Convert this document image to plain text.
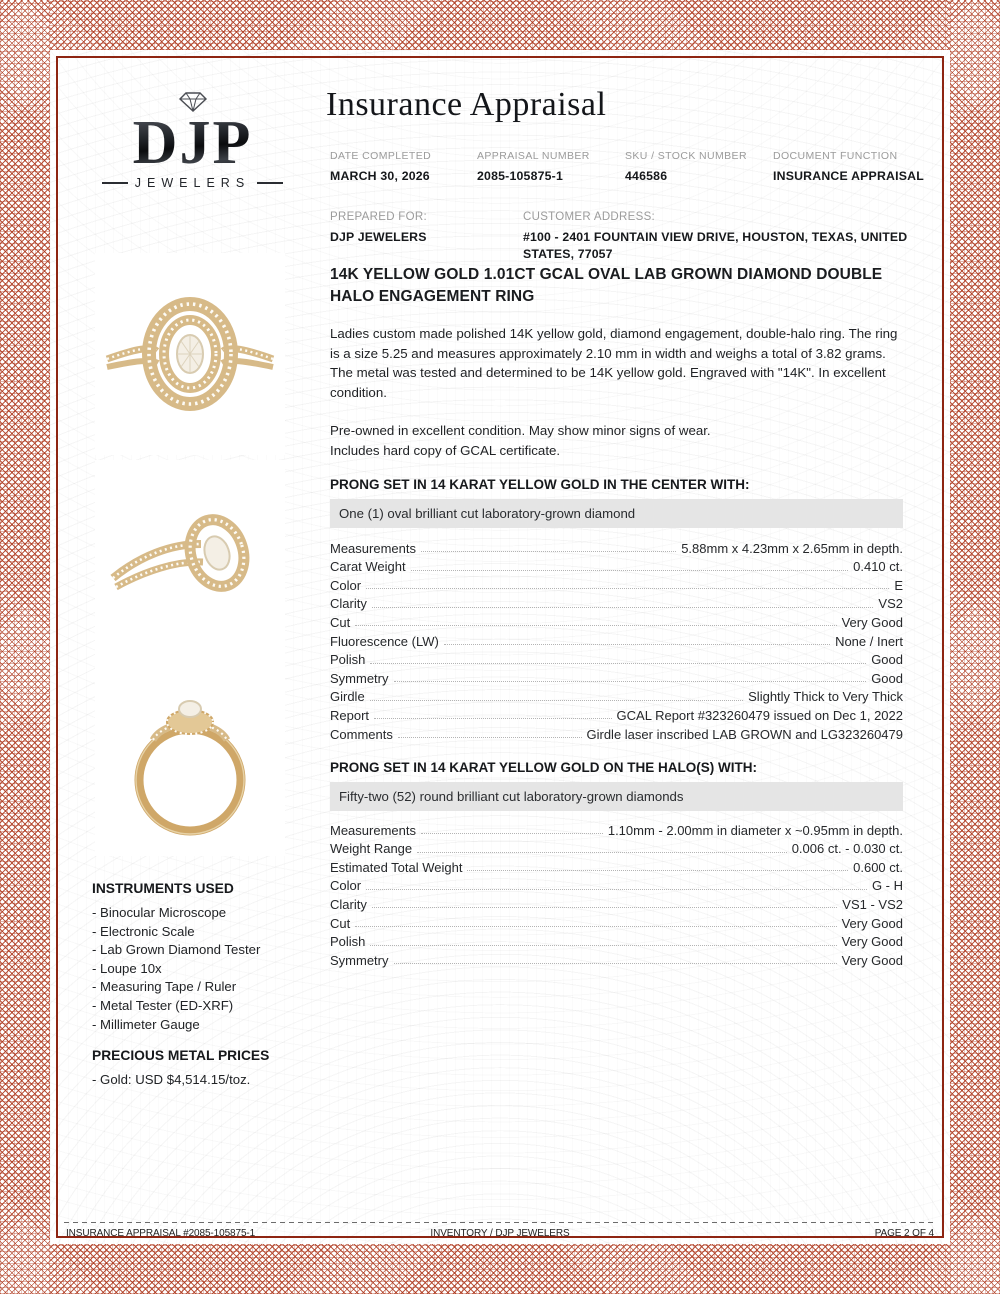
DJP
JEWELERS
Insurance Appraisal
DATE COMPLETED
MARCH 30, 2026
APPRAISAL NUMBER
2085-105875-1
SKU / STOCK NUMBER
446586
DOCUMENT FUNCTION
INSURANCE APPRAISAL
PREPARED FOR:
DJP JEWELERS
CUSTOMER ADDRESS:
#100 - 2401 FOUNTAIN VIEW DRIVE, HOUSTON, TEXAS, UNITED STATES, 77057
14K YELLOW GOLD 1.01CT GCAL OVAL LAB GROWN DIAMOND DOUBLE HALO ENGAGEMENT RING
Ladies custom made polished 14K yellow gold, diamond engagement, double-halo ring. The ring is a size 5.25 and measures approximately 2.10 mm in width and weighs a total of 3.82 grams. The metal was tested and determined to be 14K yellow gold. Engraved with "14K". In excellent condition.
Pre-owned in excellent condition. May show minor signs of wear.
Includes hard copy of GCAL certificate.
PRONG SET IN 14 KARAT YELLOW GOLD IN THE CENTER WITH:
One (1) oval brilliant cut laboratory-grown diamond
Measurements	5.88mm x 4.23mm x 2.65mm in depth.
Carat Weight	0.410 ct.
Color	E
Clarity	VS2
Cut	Very Good
Fluorescence (LW)	None / Inert
Polish	Good
Symmetry	Good
Girdle	Slightly Thick to Very Thick
Report	GCAL Report #323260479 issued on Dec 1, 2022
Comments	Girdle laser inscribed LAB GROWN and LG323260479
PRONG SET IN 14 KARAT YELLOW GOLD ON THE HALO(S) WITH:
Fifty-two (52) round brilliant cut laboratory-grown diamonds
Measurements	1.10mm - 2.00mm in diameter x ~0.95mm in depth.
Weight Range	0.006 ct. - 0.030 ct.
Estimated Total Weight	0.600 ct.
Color	G - H
Clarity	VS1 - VS2
Cut	Very Good
Polish	Very Good
Symmetry	Very Good
INSTRUMENTS USED
- Binocular Microscope
- Electronic Scale
- Lab Grown Diamond Tester
- Loupe 10x
- Measuring Tape / Ruler
- Metal Tester (ED-XRF)
- Millimeter Gauge
PRECIOUS METAL PRICES
- Gold: USD $4,514.15/toz.
INSURANCE APPRAISAL #2085-105875-1	INVENTORY / DJP JEWELERS	PAGE 2 OF 4
